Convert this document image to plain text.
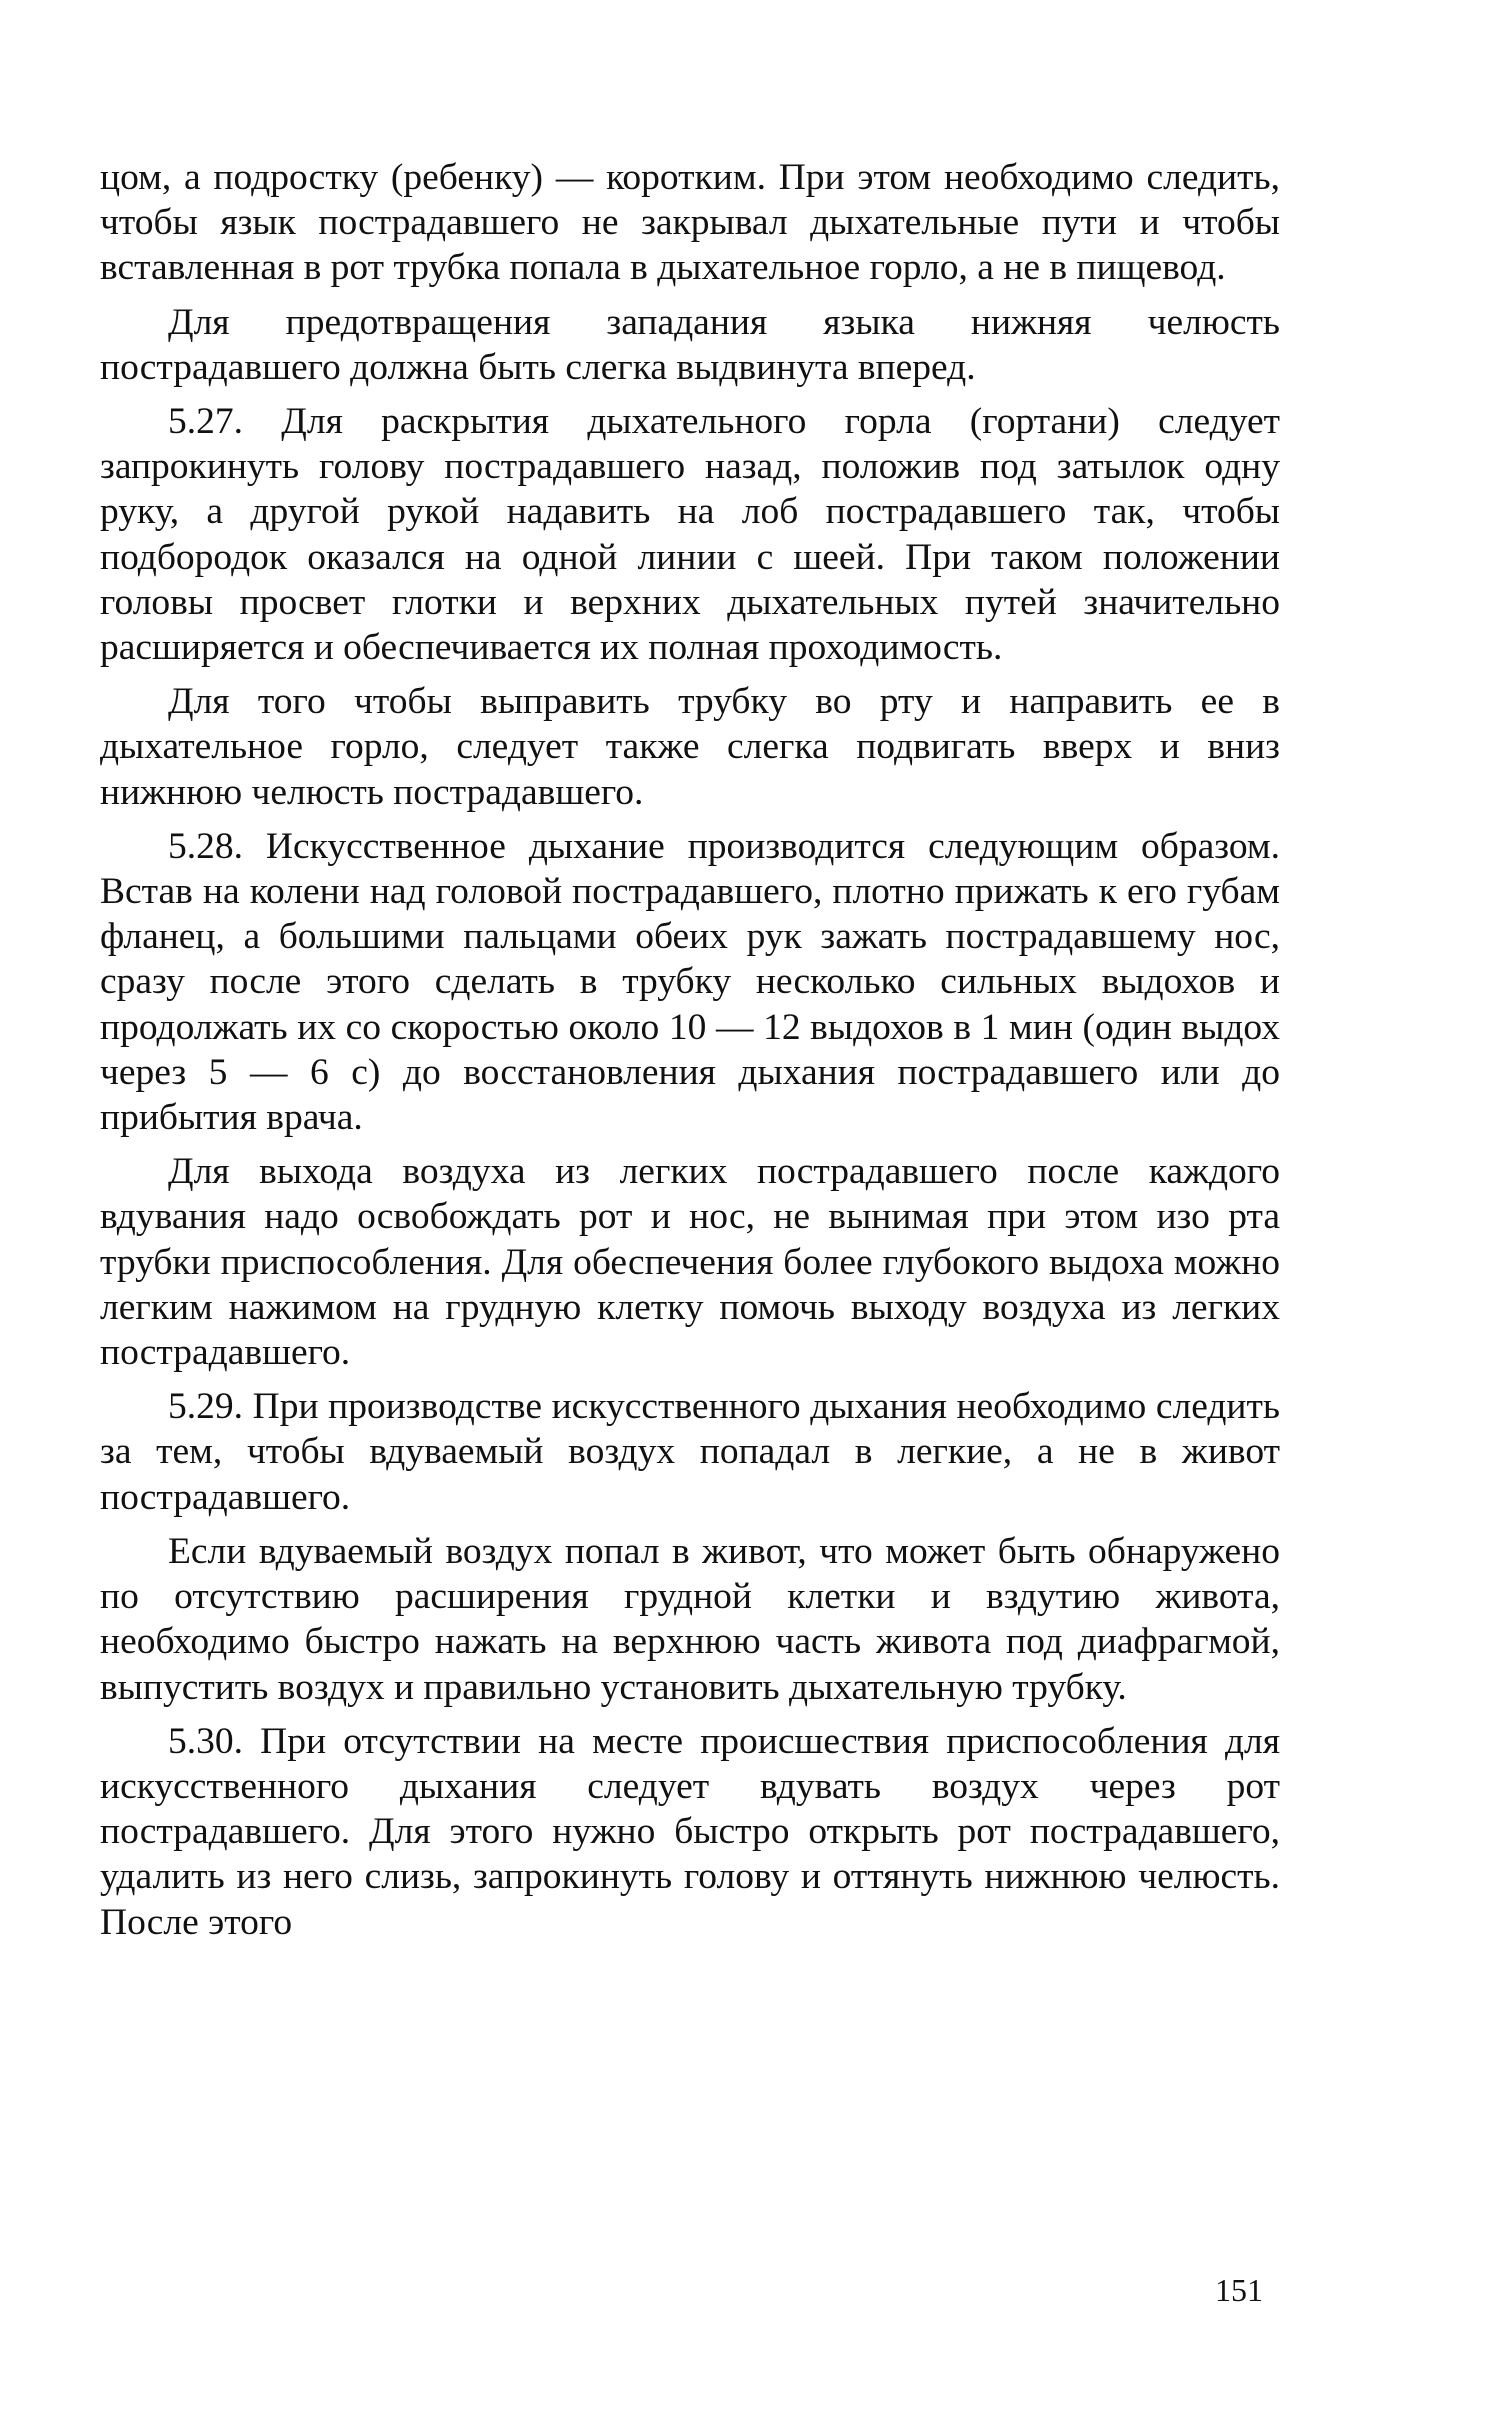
цом, а подростку (ребенку) — коротким. При этом необходимо следить, чтобы язык пострадавшего не закрывал дыхательные пути и чтобы вставленная в рот трубка попала в дыхательное горло, а не в пищевод.

Для предотвращения западания языка нижняя челюсть пострадавшего должна быть слегка выдвинута вперед.

5.27. Для раскрытия дыхательного горла (гортани) следует запрокинуть голову пострадавшего назад, положив под затылок одну руку, а другой рукой надавить на лоб пострадавшего так, чтобы подбородок оказался на одной линии с шеей. При таком положении головы просвет глотки и верхних дыхательных путей значительно расширяется и обеспечивается их полная проходимость.

Для того чтобы выправить трубку во рту и направить ее в дыхательное горло, следует также слегка подвигать вверх и вниз нижнюю челюсть пострадавшего.

5.28. Искусственное дыхание производится следующим образом. Встав на колени над головой пострадавшего, плотно прижать к его губам фланец, а большими пальцами обеих рук зажать пострадавшему нос, сразу после этого сделать в трубку несколько сильных выдохов и продолжать их со скоростью около 10 — 12 выдохов в 1 мин (один выдох через 5 — 6 с) до восстановления дыхания пострадавшего или до прибытия врача.

Для выхода воздуха из легких пострадавшего после каждого вдувания надо освобождать рот и нос, не вынимая при этом изо рта трубки приспособления. Для обеспечения более глубокого выдоха можно легким нажимом на грудную клетку помочь выходу воздуха из легких пострадавшего.

5.29. При производстве искусственного дыхания необходимо следить за тем, чтобы вдуваемый воздух попадал в легкие, а не в живот пострадавшего.

Если вдуваемый воздух попал в живот, что может быть обнаружено по отсутствию расширения грудной клетки и вздутию живота, необходимо быстро нажать на верхнюю часть живота под диафрагмой, выпустить воздух и правильно установить дыхательную трубку.

5.30. При отсутствии на месте происшествия приспособления для искусственного дыхания следует вдувать воздух через рот пострадавшего. Для этого нужно быстро открыть рот пострадавшего, удалить из него слизь, запрокинуть голову и оттянуть нижнюю челюсть. После этого

151
